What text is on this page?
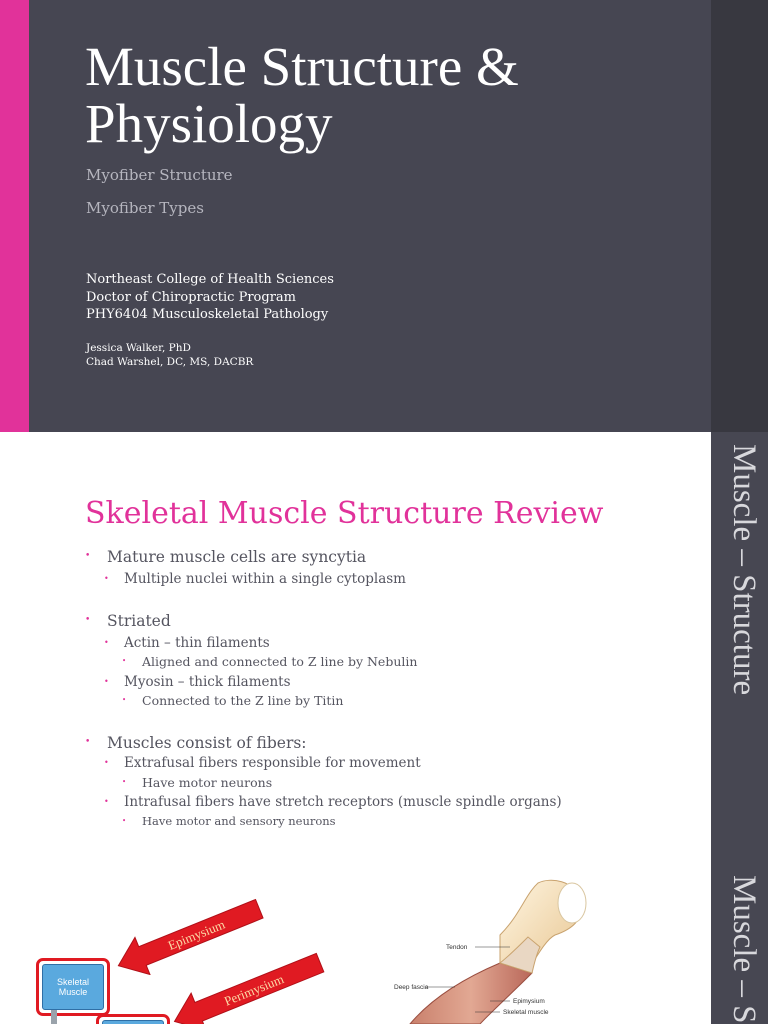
Muscle Structure & Physiology
Myofiber Structure
Myofiber Types
Northeast College of Health Sciences
Doctor of Chiropractic Program
PHY6404 Musculoskeletal Pathology
Jessica Walker, PhD
Chad Warshel, DC, MS, DACBR
Muscle – Structure
Skeletal Muscle Structure Review
• Mature muscle cells are syncytia
• Multiple nuclei within a single cytoplasm
• Striated
• Actin – thin filaments
• Aligned and connected to Z line by Nebulin
• Myosin – thick filaments
• Connected to the Z line by Titin
• Muscles consist of fibers:
• Extrafusal fibers responsible for movement
• Have motor neurons
• Intrafusal fibers have stretch receptors (muscle spindle organs)
• Have motor and sensory neurons
Muscle – S
Skeletal Muscle
Epimysium
Perimysium
Tendon
Deep fascia
Epimysium
Skeletal muscle
